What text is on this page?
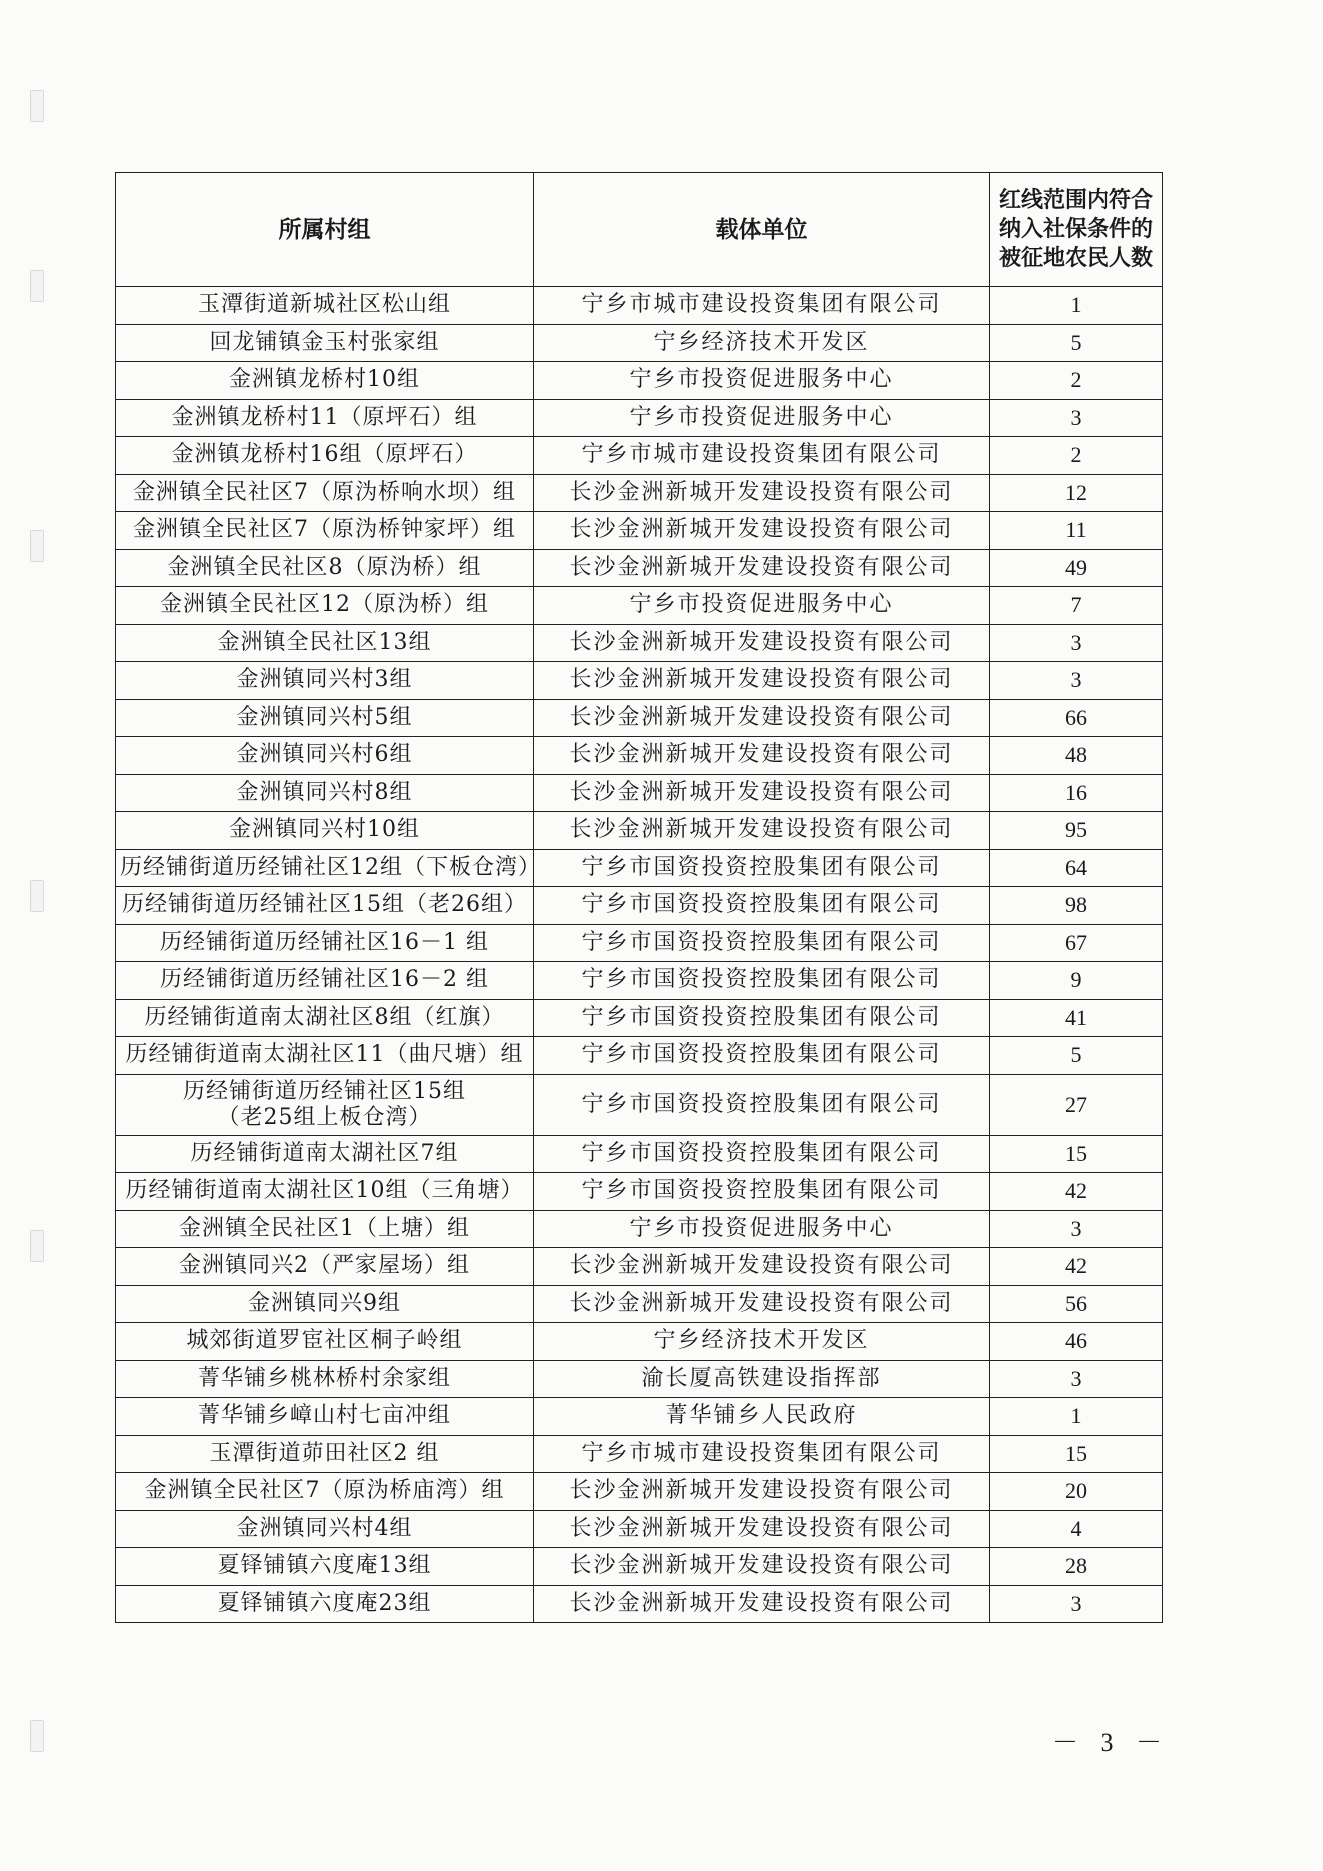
所属村组	载体单位	红线范围内符合纳入社保条件的被征地农民人数

玉潭街道新城社区松山组	宁乡市城市建设投资集团有限公司	1

回龙铺镇金玉村张家组	宁乡经济技术开发区	5

金洲镇龙桥村10组	宁乡市投资促进服务中心	2

金洲镇龙桥村11（原坪石）组	宁乡市投资促进服务中心	3

金洲镇龙桥村16组（原坪石）	宁乡市城市建设投资集团有限公司	2

金洲镇全民社区7（原沩桥响水坝）组	长沙金洲新城开发建设投资有限公司	12

金洲镇全民社区7（原沩桥钟家坪）组	长沙金洲新城开发建设投资有限公司	11

金洲镇全民社区8（原沩桥）组	长沙金洲新城开发建设投资有限公司	49

金洲镇全民社区12（原沩桥）组	宁乡市投资促进服务中心	7

金洲镇全民社区13组	长沙金洲新城开发建设投资有限公司	3

金洲镇同兴村3组	长沙金洲新城开发建设投资有限公司	3

金洲镇同兴村5组	长沙金洲新城开发建设投资有限公司	66

金洲镇同兴村6组	长沙金洲新城开发建设投资有限公司	48

金洲镇同兴村8组	长沙金洲新城开发建设投资有限公司	16

金洲镇同兴村10组	长沙金洲新城开发建设投资有限公司	95

历经铺街道历经铺社区12组（下板仓湾）	宁乡市国资投资控股集团有限公司	64

历经铺街道历经铺社区15组（老26组）	宁乡市国资投资控股集团有限公司	98

历经铺街道历经铺社区16－1 组	宁乡市国资投资控股集团有限公司	67

历经铺街道历经铺社区16－2 组	宁乡市国资投资控股集团有限公司	9

历经铺街道南太湖社区8组（红旗）	宁乡市国资投资控股集团有限公司	41

历经铺街道南太湖社区11（曲尺塘）组	宁乡市国资投资控股集团有限公司	5

历经铺街道历经铺社区15组
（老25组上板仓湾）	宁乡市国资投资控股集团有限公司	27

历经铺街道南太湖社区7组	宁乡市国资投资控股集团有限公司	15

历经铺街道南太湖社区10组（三角塘）	宁乡市国资投资控股集团有限公司	42

金洲镇全民社区1（上塘）组	宁乡市投资促进服务中心	3

金洲镇同兴2（严家屋场）组	长沙金洲新城开发建设投资有限公司	42

金洲镇同兴9组	长沙金洲新城开发建设投资有限公司	56

城郊街道罗宦社区桐子岭组	宁乡经济技术开发区	46

菁华铺乡桃林桥村余家组	渝长厦高铁建设指挥部	3

菁华铺乡嶂山村七亩冲组	菁华铺乡人民政府	1

玉潭街道茆田社区2 组	宁乡市城市建设投资集团有限公司	15

金洲镇全民社区7（原沩桥庙湾）组	长沙金洲新城开发建设投资有限公司	20

金洲镇同兴村4组	长沙金洲新城开发建设投资有限公司	4

夏铎铺镇六度庵13组	长沙金洲新城开发建设投资有限公司	28

夏铎铺镇六度庵23组	长沙金洲新城开发建设投资有限公司	3
－ 3 －
